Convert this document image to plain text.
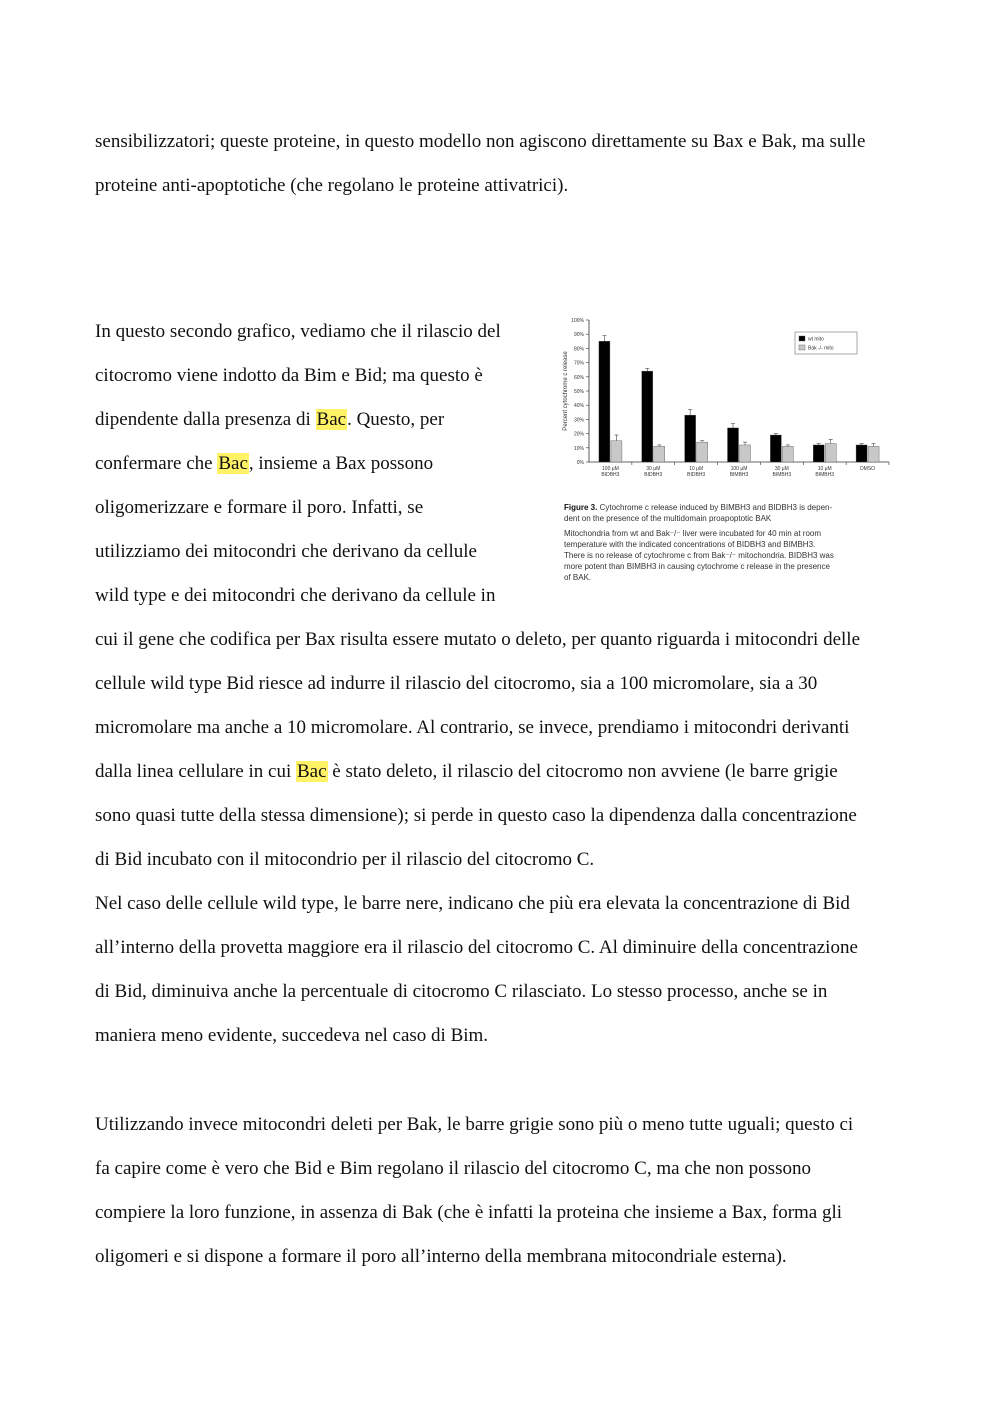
sensibilizzatori; queste proteine, in questo modello non agiscono direttamente su Bax e Bak, ma sulle

proteine anti-apoptotiche (che regolano le proteine attivatrici).

In questo secondo grafico, vediamo che il rilascio del

citocromo viene indotto da Bim e Bid; ma questo è

dipendente dalla presenza di Bac. Questo, per

confermare che Bac, insieme a Bax possono

oligomerizzare e formare il poro. Infatti, se

utilizziamo dei mitocondri che derivano da cellule

wild type e dei mitocondri che derivano da cellule in

cui il gene che codifica per Bax risulta essere mutato o deleto, per quanto riguarda i mitocondri delle

cellule wild type Bid riesce ad indurre il rilascio del citocromo, sia a 100 micromolare, sia a 30

micromolare ma anche a 10 micromolare. Al contrario, se invece, prendiamo i mitocondri derivanti

dalla linea cellulare in cui Bac è stato deleto, il rilascio del citocromo non avviene (le barre grigie

sono quasi tutte della stessa dimensione); si perde in questo caso la dipendenza dalla concentrazione

di Bid incubato con il mitocondrio per il rilascio del citocromo C.

Nel caso delle cellule wild type, le barre nere, indicano che più era elevata la concentrazione di Bid

all’interno della provetta maggiore era il rilascio del citocromo C. Al diminuire della concentrazione

di Bid, diminuiva anche la percentuale di citocromo C rilasciato. Lo stesso processo, anche se in

maniera meno evidente, succedeva nel caso di Bim.

Utilizzando invece mitocondri deleti per Bak, le barre grigie sono più o meno tutte uguali; questo ci

fa capire come è vero che Bid e Bim regolano il rilascio del citocromo C, ma che non possono

compiere la loro funzione, in assenza di Bak (che è infatti la proteina che insieme a Bax, forma gli

oligomeri e si dispone a formare il poro all’interno della membrana mitocondriale esterna).

0%
10%
20%
30%
40%
50%
60%
70%
80%
90%
100%
Percent cytochrome c release
100 μM
BIDBH3
30 μM
BIDBH3
10 μM
BIDBH3
100 μM
BIMBH3
30 μM
BIMBH3
10 μM
BIMBH3
DMSO
wt mito
Bak -/- mito

Figure 3. Cytochrome c release induced by BIMBH3 and BIDBH3 is depen-

dent on the presence of the multidomain proapoptotic BAK

Mitochondria from wt and Bak⁻/⁻ liver were incubated for 40 min at room

temperature with the indicated concentrations of BIDBH3 and BIMBH3.

There is no release of cytochrome c from Bak⁻/⁻ mitochondria. BIDBH3 was

more potent than BIMBH3 in causing cytochrome c release in the presence

of BAK.
